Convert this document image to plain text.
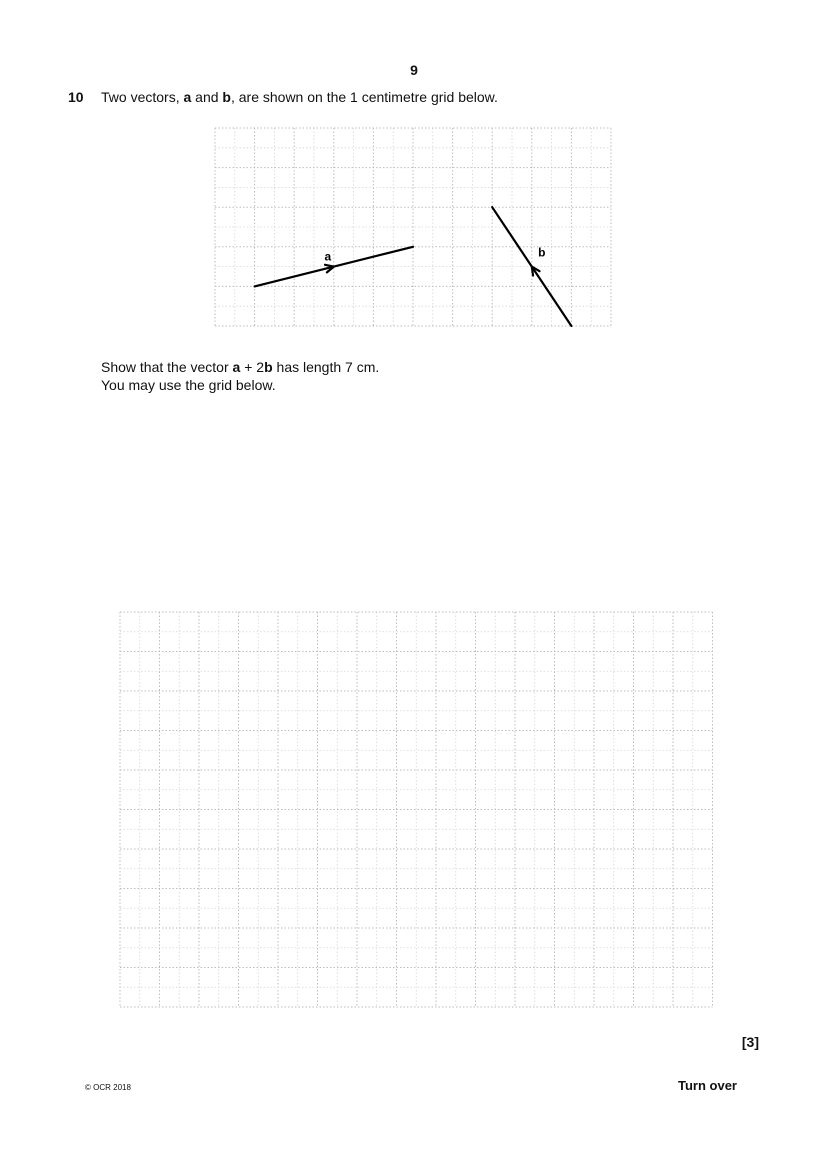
9
10 Two vectors, a and b, are shown on the 1 centimetre grid below.
a	b
Show that the vector a + 2b has length 7 cm.
You may use the grid below.
[3]
© OCR 2018	Turn over
